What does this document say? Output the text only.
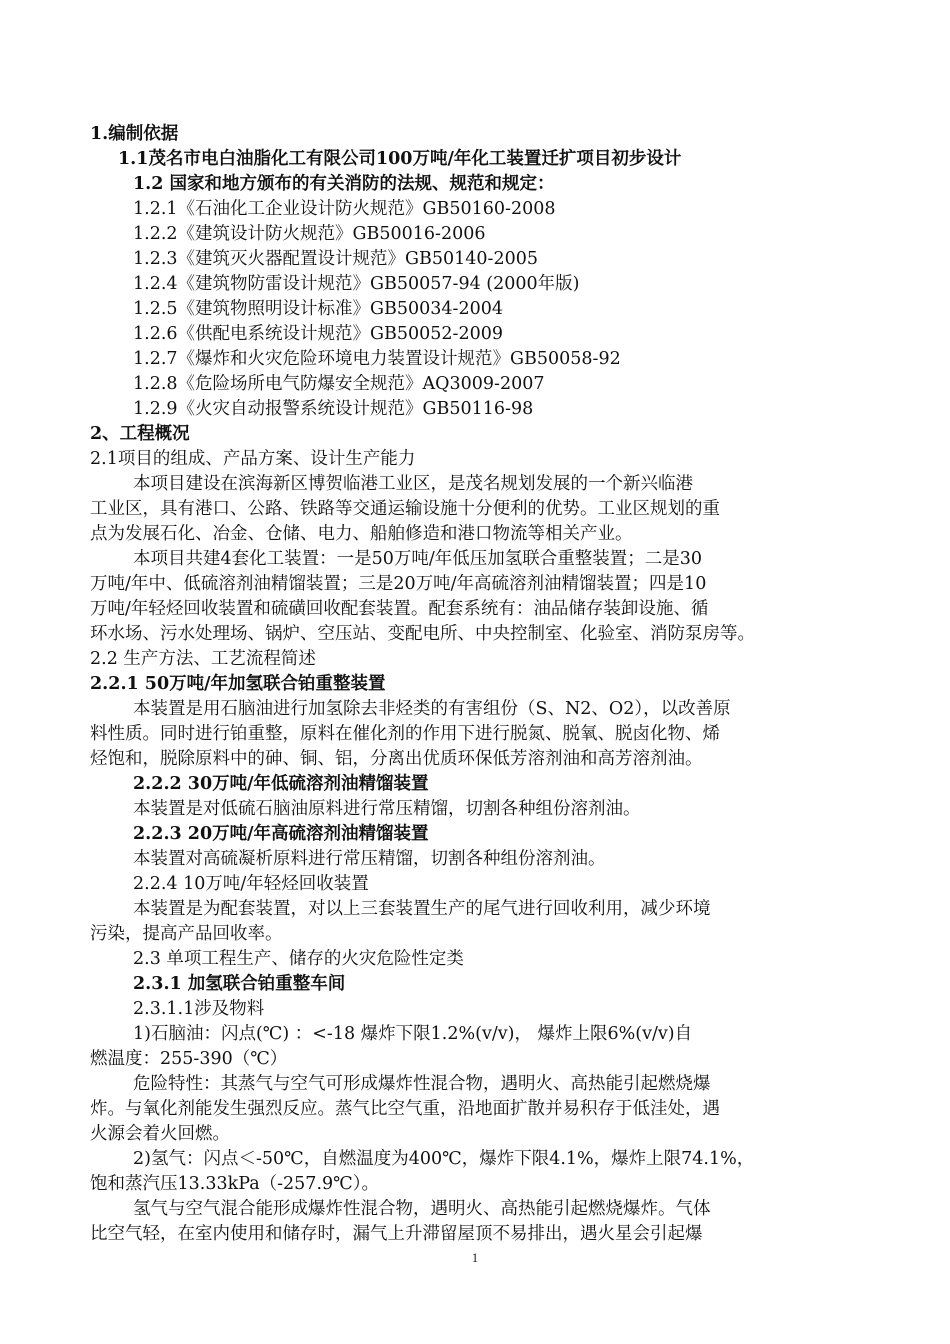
1.编制依据
1.1茂名市电白油脂化工有限公司100万吨/年化工装置迁扩项目初步设计
1.2 国家和地方颁布的有关消防的法规、规范和规定：
1.2.1《石油化工企业设计防火规范》GB50160-2008
1.2.2《建筑设计防火规范》GB50016-2006
1.2.3《建筑灭火器配置设计规范》GB50140-2005
1.2.4《建筑物防雷设计规范》GB50057-94 (2000年版)
1.2.5《建筑物照明设计标准》GB50034-2004
1.2.6《供配电系统设计规范》GB50052-2009
1.2.7《爆炸和火灾危险环境电力装置设计规范》GB50058-92
1.2.8《危险场所电气防爆安全规范》AQ3009-2007
1.2.9《火灾自动报警系统设计规范》GB50116-98
2、工程概况
2.1项目的组成、产品方案、设计生产能力
本项目建设在滨海新区博贺临港工业区，是茂名规划发展的一个新兴临港
工业区，具有港口、公路、铁路等交通运输设施十分便利的优势。工业区规划的重
点为发展石化、冶金、仓储、电力、船舶修造和港口物流等相关产业。
本项目共建4套化工装置：一是50万吨/年低压加氢联合重整装置；二是30
万吨/年中、低硫溶剂油精馏装置；三是20万吨/年高硫溶剂油精馏装置；四是10
万吨/年轻烃回收装置和硫磺回收配套装置。配套系统有：油品储存装卸设施、循
环水场、污水处理场、锅炉、空压站、变配电所、中央控制室、化验室、消防泵房等。
2.2 生产方法、工艺流程简述
2.2.1 50万吨/年加氢联合铂重整装置
本装置是用石脑油进行加氢除去非烃类的有害组份（S、N2、O2），以改善原
料性质。同时进行铂重整，原料在催化剂的作用下进行脱氮、脱氧、脱卤化物、烯
烃饱和，脱除原料中的砷、铜、铝，分离出优质环保低芳溶剂油和高芳溶剂油。
2.2.2 30万吨/年低硫溶剂油精馏装置
本装置是对低硫石脑油原料进行常压精馏，切割各种组份溶剂油。
2.2.3 20万吨/年高硫溶剂油精馏装置
本装置对高硫凝析原料进行常压精馏，切割各种组份溶剂油。
2.2.4 10万吨/年轻烃回收装置
本装置是为配套装置，对以上三套装置生产的尾气进行回收利用，减少环境
污染，提高产品回收率。
2.3 单项工程生产、储存的火灾危险性定类
2.3.1 加氢联合铂重整车间
2.3.1.1涉及物料
1)石脑油：闪点(℃) ：<-18 爆炸下限1.2%(v/v)， 爆炸上限6%(v/v)自
燃温度：255-390（℃）
危险特性：其蒸气与空气可形成爆炸性混合物，遇明火、高热能引起燃烧爆
炸。与氧化剂能发生强烈反应。蒸气比空气重，沿地面扩散并易积存于低洼处，遇
火源会着火回燃。
2)氢气：闪点＜-50℃，自燃温度为400℃，爆炸下限4.1%，爆炸上限74.1%，
饱和蒸汽压13.33kPa（-257.9℃）。
氢气与空气混合能形成爆炸性混合物，遇明火、高热能引起燃烧爆炸。气体
比空气轻，在室内使用和储存时，漏气上升滞留屋顶不易排出，遇火星会引起爆
1
